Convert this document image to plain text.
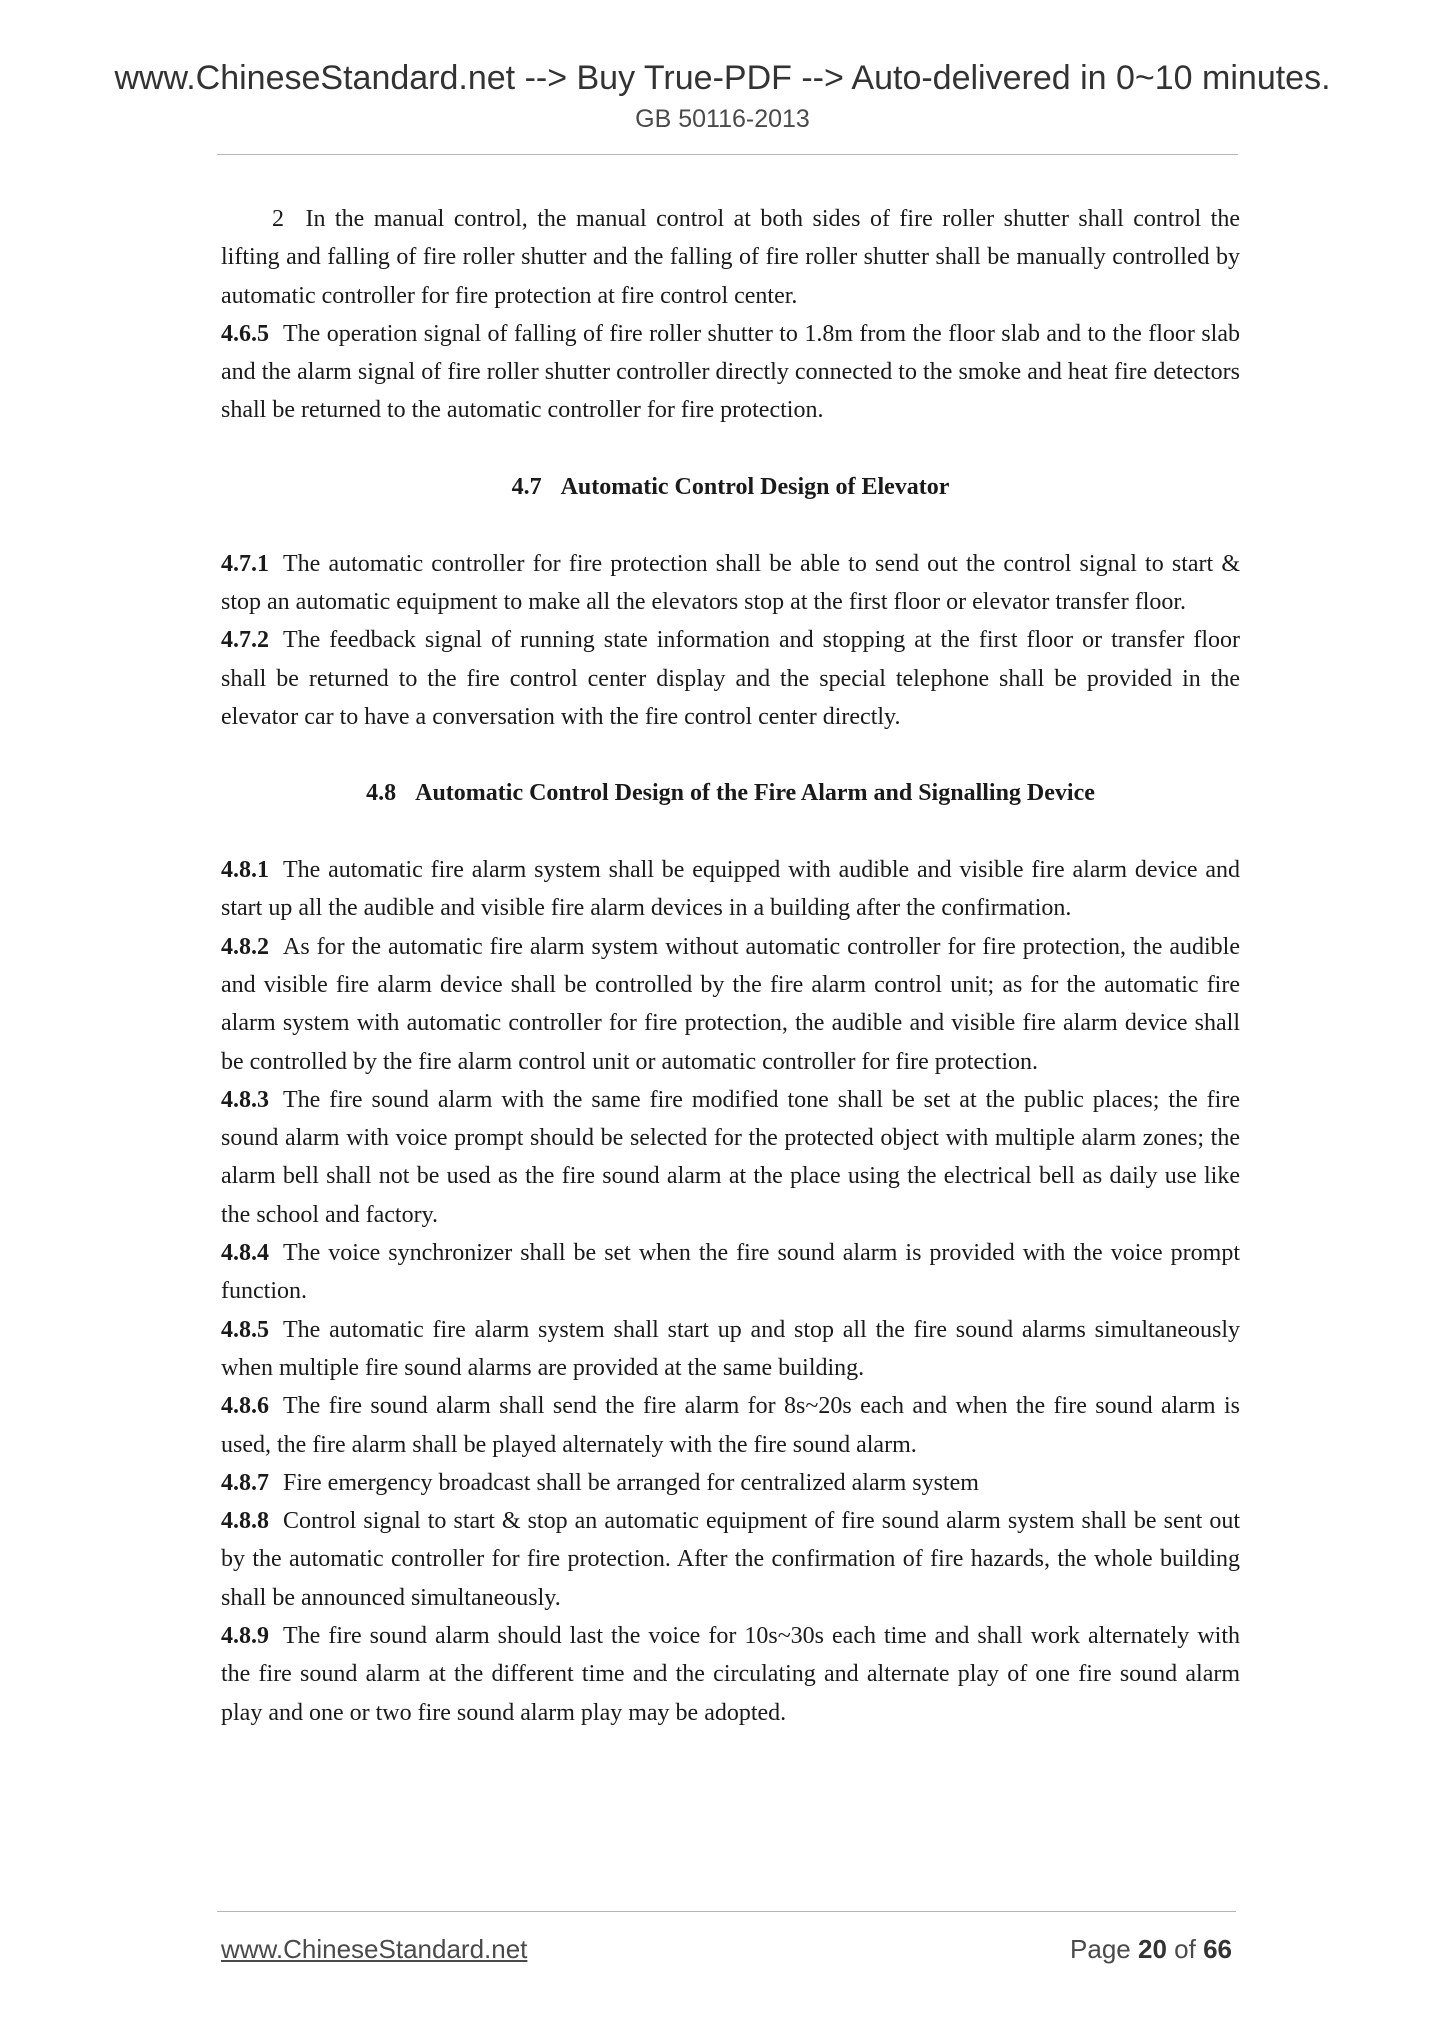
www.ChineseStandard.net --> Buy True-PDF --> Auto-delivered in 0~10 minutes.
GB 50116-2013

2  In the manual control, the manual control at both sides of fire roller shutter shall control the lifting and falling of fire roller shutter and the falling of fire roller shutter shall be manually controlled by automatic controller for fire protection at fire control center.

4.6.5 The operation signal of falling of fire roller shutter to 1.8m from the floor slab and to the floor slab and the alarm signal of fire roller shutter controller directly connected to the smoke and heat fire detectors shall be returned to the automatic controller for fire protection.

4.7 Automatic Control Design of Elevator

4.7.1 The automatic controller for fire protection shall be able to send out the control signal to start & stop an automatic equipment to make all the elevators stop at the first floor or elevator transfer floor.

4.7.2 The feedback signal of running state information and stopping at the first floor or transfer floor shall be returned to the fire control center display and the special telephone shall be provided in the elevator car to have a conversation with the fire control center directly.

4.8 Automatic Control Design of the Fire Alarm and Signalling Device

4.8.1 The automatic fire alarm system shall be equipped with audible and visible fire alarm device and start up all the audible and visible fire alarm devices in a building after the confirmation.

4.8.2 As for the automatic fire alarm system without automatic controller for fire protection, the audible and visible fire alarm device shall be controlled by the fire alarm control unit; as for the automatic fire alarm system with automatic controller for fire protection, the audible and visible fire alarm device shall be controlled by the fire alarm control unit or automatic controller for fire protection.

4.8.3 The fire sound alarm with the same fire modified tone shall be set at the public places; the fire sound alarm with voice prompt should be selected for the protected object with multiple alarm zones; the alarm bell shall not be used as the fire sound alarm at the place using the electrical bell as daily use like the school and factory.

4.8.4 The voice synchronizer shall be set when the fire sound alarm is provided with the voice prompt function.

4.8.5 The automatic fire alarm system shall start up and stop all the fire sound alarms simultaneously when multiple fire sound alarms are provided at the same building.

4.8.6 The fire sound alarm shall send the fire alarm for 8s~20s each and when the fire sound alarm is used, the fire alarm shall be played alternately with the fire sound alarm.

4.8.7 Fire emergency broadcast shall be arranged for centralized alarm system

4.8.8 Control signal to start & stop an automatic equipment of fire sound alarm system shall be sent out by the automatic controller for fire protection. After the confirmation of fire hazards, the whole building shall be announced simultaneously.

4.8.9 The fire sound alarm should last the voice for 10s~30s each time and shall work alternately with the fire sound alarm at the different time and the circulating and alternate play of one fire sound alarm play and one or two fire sound alarm play may be adopted.

www.ChineseStandard.net	Page 20 of 66
